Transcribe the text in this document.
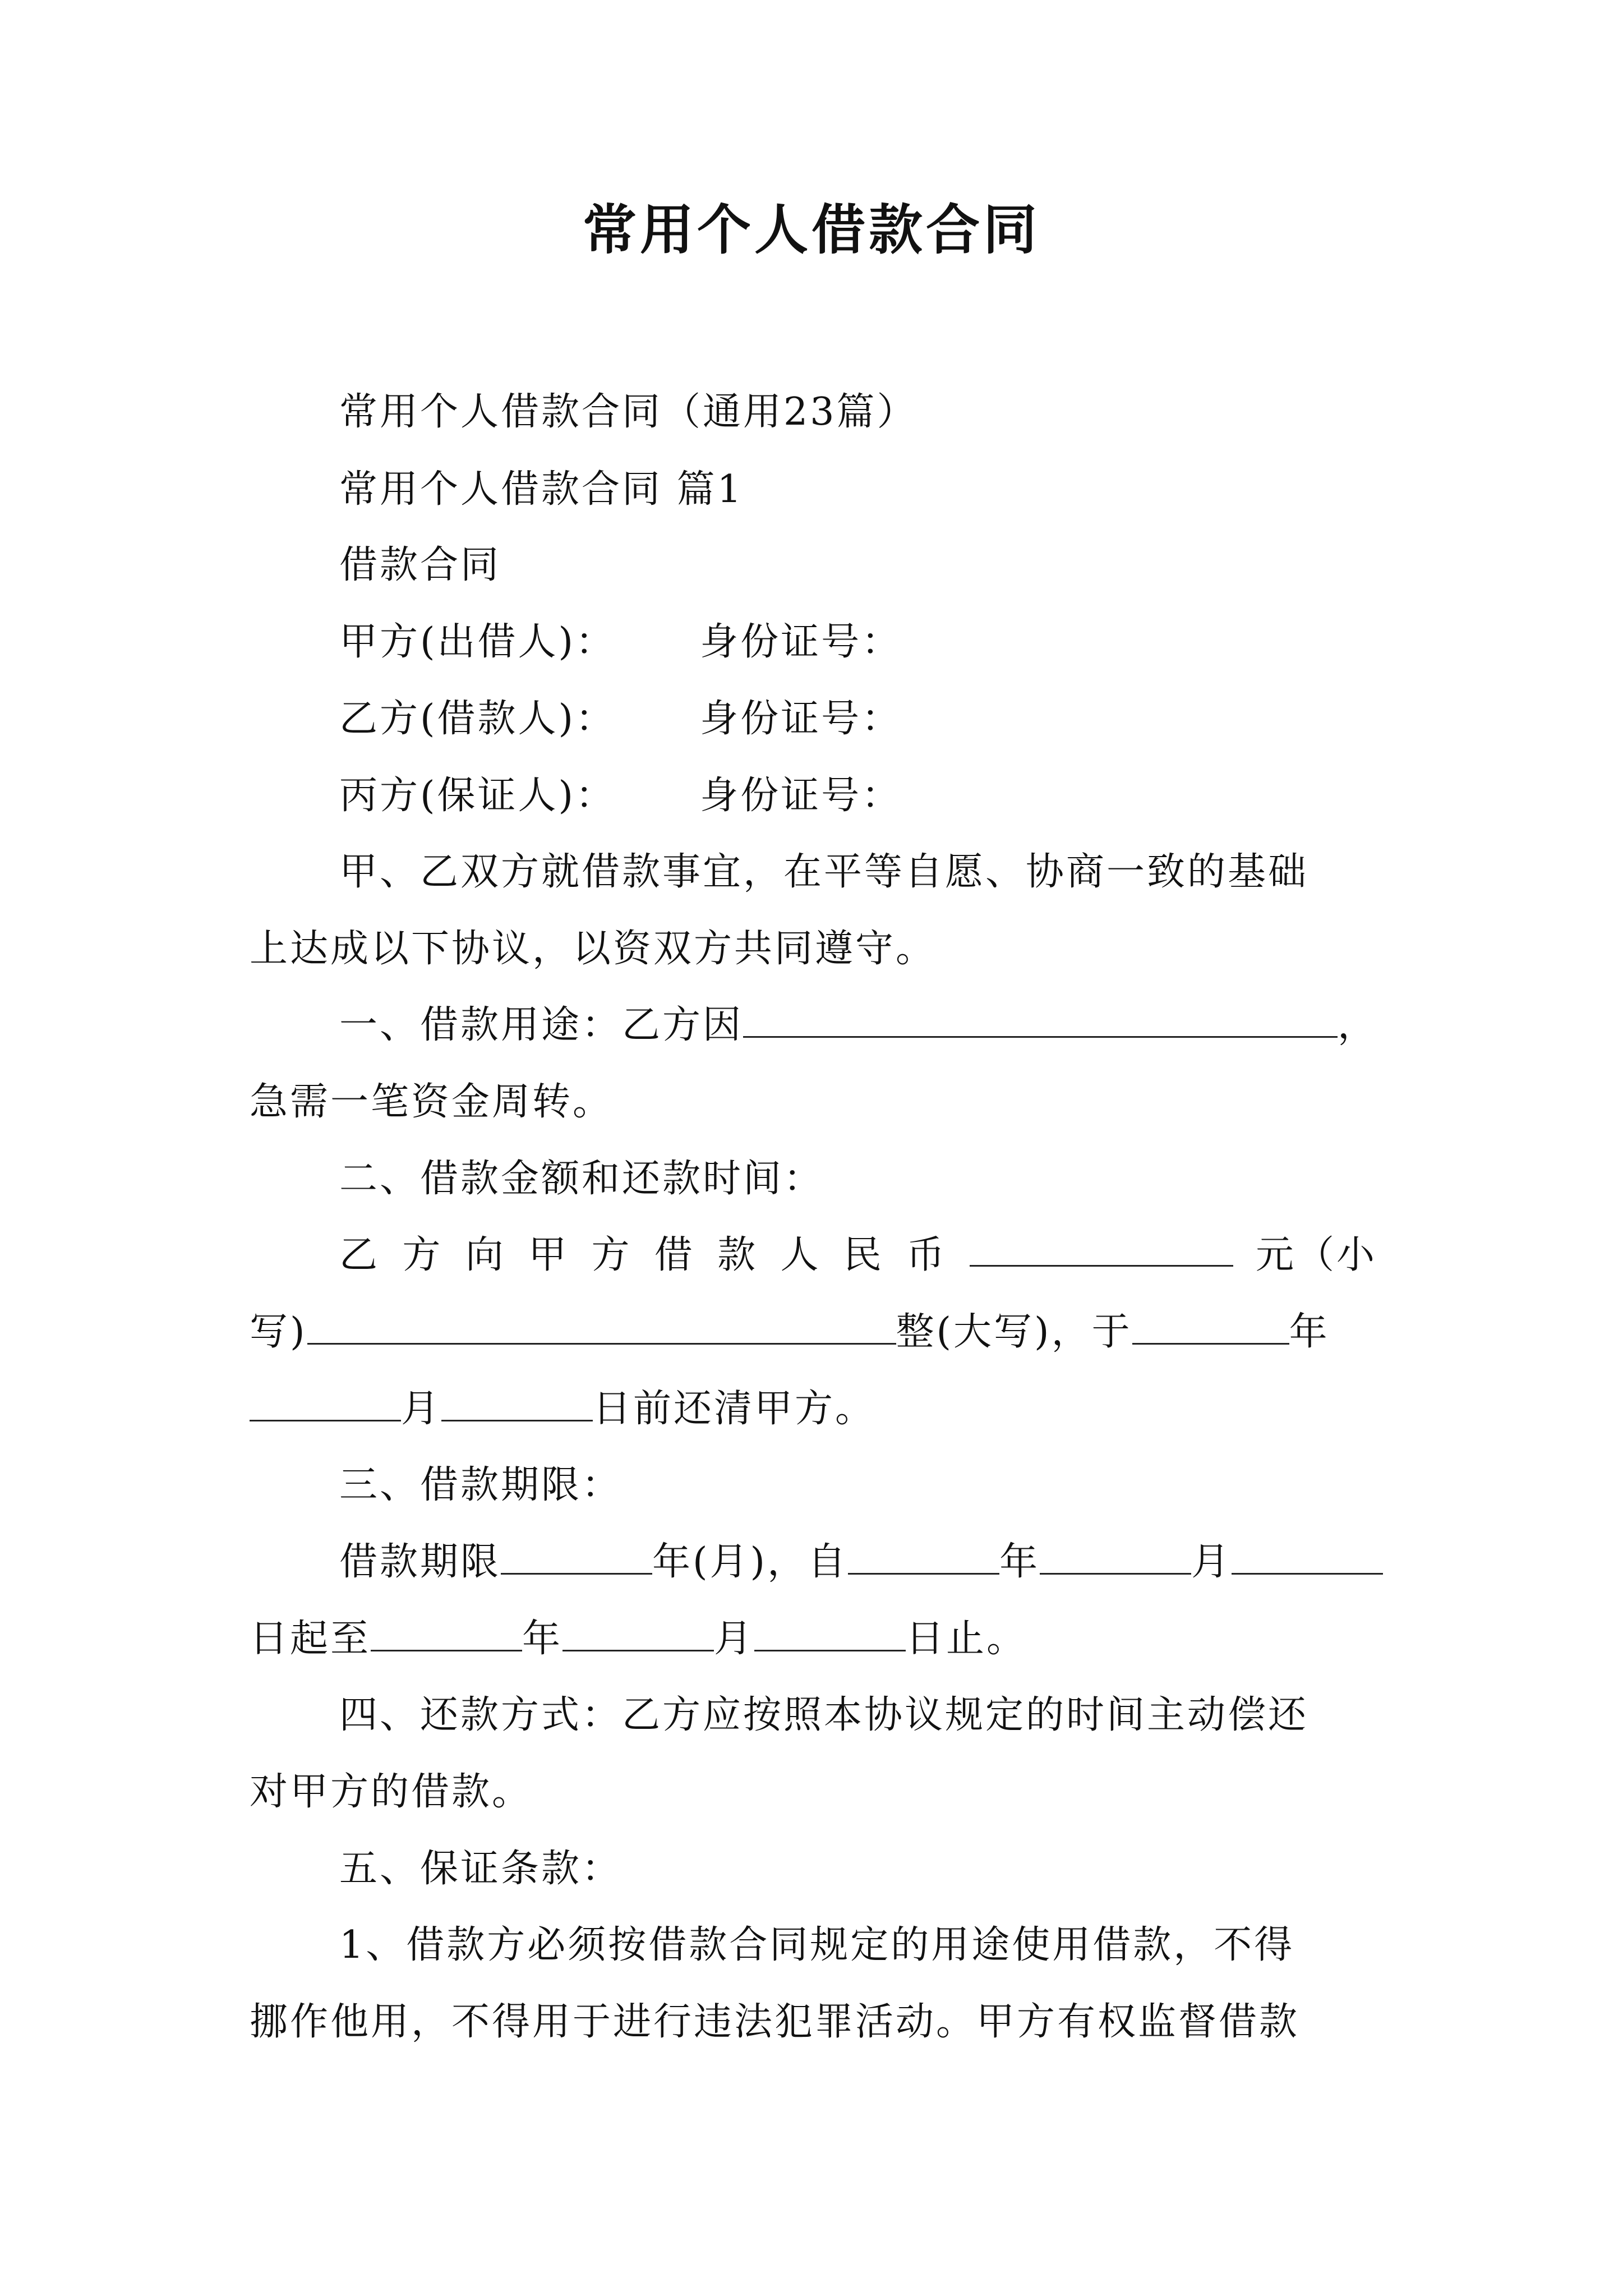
常用个人借款合同
常用个人借款合同（通用23篇）
常用个人借款合同 篇1
借款合同
甲方(出借人)： 身份证号：
乙方(借款人)： 身份证号：
丙方(保证人)： 身份证号：
甲、乙双方就借款事宜，在平等自愿、协商一致的基础
上达成以下协议，以资双方共同遵守。
一、借款用途：乙方因	，
急需一笔资金周转。
二、借款金额和还款时间：
乙 方 向 甲 方 借 款 人 民 币	元（小
写)	整(大写)，于	年
月	日前还清甲方。
三、借款期限：
借款期限	年(月)，自	年	月
日起至	年	月	日止。
四、还款方式：乙方应按照本协议规定的时间主动偿还
对甲方的借款。
五、保证条款：
1、借款方必须按借款合同规定的用途使用借款，不得
挪作他用，不得用于进行违法犯罪活动。甲方有权监督借款
